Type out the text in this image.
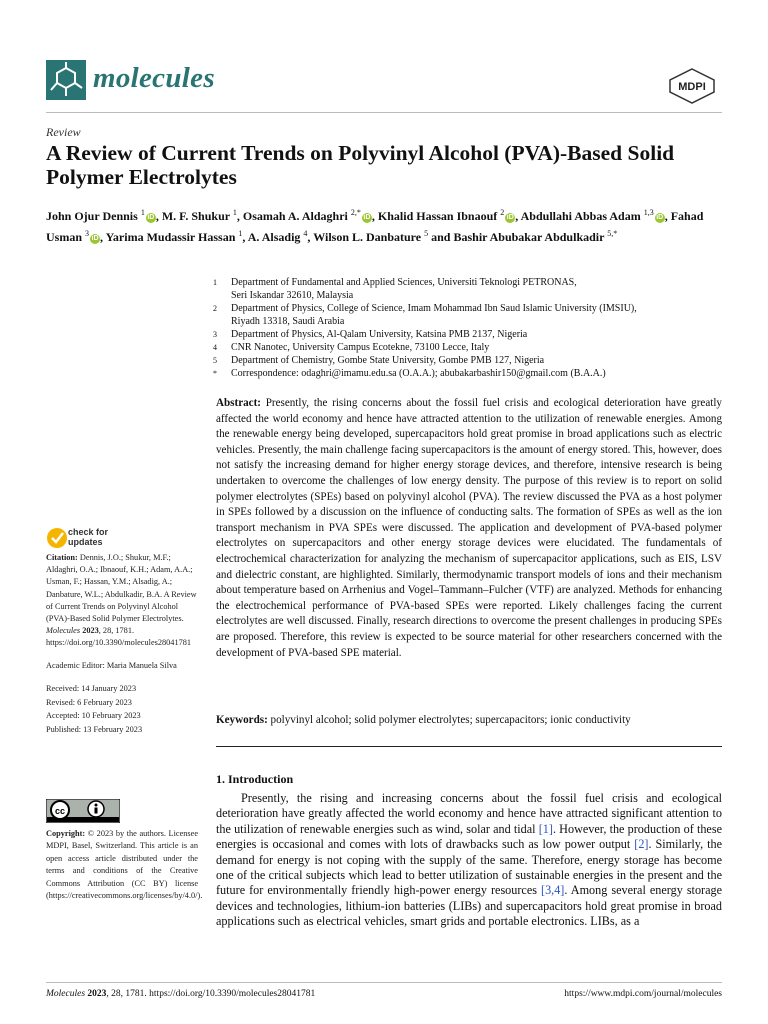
molecules	MDPI
Review
A Review of Current Trends on Polyvinyl Alcohol (PVA)-Based Solid Polymer Electrolytes
John Ojur Dennis $^1$iD , M. F. Shukur $^1$, Osamah A. Aldaghri $^{2,*}$iD , Khalid Hassan Ibnaouf $^2$iD , Abdullahi Abbas Adam $^{1,3}$iD , Fahad Usman $^3$iD , Yarima Mudassir Hassan $^1$, A. Alsadig $^4$, Wilson L. Danbature $^5$ and Bashir Abubakar Abdulkadir $^{5,*}$
1	Department of Fundamental and Applied Sciences, Universiti Teknologi PETRONAS,
Seri Iskandar 32610, Malaysia
2	Department of Physics, College of Science, Imam Mohammad Ibn Saud Islamic University (IMSIU),
Riyadh 13318, Saudi Arabia
3	Department of Physics, Al-Qalam University, Katsina PMB 2137, Nigeria
4	CNR Nanotec, University Campus Ecotekne, 73100 Lecce, Italy
5	Department of Chemistry, Gombe State University, Gombe PMB 127, Nigeria
*	Correspondence: odaghri@imamu.edu.sa (O.A.A.); abubakarbashir150@gmail.com (B.A.A.)
Abstract: Presently, the rising concerns about the fossil fuel crisis and ecological deterioration have greatly affected the world economy and hence have attracted attention to the utilization of renewable energies. Among the renewable energy being developed, supercapacitors hold great promise in broad applications such as electric vehicles. Presently, the main challenge facing supercapacitors is the amount of energy stored. This, however, does not satisfy the increasing demand for higher energy storage devices, and therefore, intensive research is being undertaken to overcome the challenges of low energy density. The purpose of this review is to report on solid polymer electrolytes (SPEs) based on polyvinyl alcohol (PVA). The review discussed the PVA as a host polymer in SPEs followed by a discussion on the influence of conducting salts. The formation of SPEs as well as the ion transport mechanism in PVA SPEs were discussed. The application and development of PVA-based polymer electrolytes on supercapacitors and other energy storage devices were elucidated. The fundamentals of electrochemical characterization for analyzing the mechanism of supercapacitor applications, such as EIS, LSV and dielectric constant, are highlighted. Similarly, thermodynamic transport models of ions and their mechanism about temperature based on Arrhenius and Vogel–Tammann–Fulcher (VTF) are analyzed. Methods for enhancing the electrochemical performance of PVA-based SPEs were reported. Likely challenges facing the current electrolytes are well discussed. Finally, research directions to overcome the present challenges in producing SPEs are proposed. Therefore, this review is expected to be source material for other researchers concerned with the development of PVA-based SPE material.
Keywords: polyvinyl alcohol; solid polymer electrolytes; supercapacitors; ionic conductivity
1. Introduction
Presently, the rising and increasing concerns about the fossil fuel crisis and ecological deterioration have greatly affected the world economy and hence have attracted significant attention to the utilization of renewable energies such as wind, solar and tidal [1]. However, the production of these energies is occasional and comes with lots of drawbacks such as low power output [2]. Similarly, the demand for energy is not coping with the supply of the same. Therefore, energy storage has become one of the critical subjects which lead to better utilization of sustainable energies in the present and the future for environmentally friendly high-power energy resources [3,4]. Among several energy storage devices and technologies, lithium-ion batteries (LIBs) and supercapacitors hold great promise in broad applications such as electrical vehicles, smart grids and portable electronics. LIBs, as a
check for
updates

Citation: Dennis, J.O.; Shukur, M.F.; Aldaghri, O.A.; Ibnaouf, K.H.; Adam, A.A.; Usman, F.; Hassan, Y.M.; Alsadig, A.; Danbature, W.L.; Abdulkadir, B.A. A Review of Current Trends on Polyvinyl Alcohol (PVA)-Based Solid Polymer Electrolytes. Molecules 2023, 28, 1781. https://doi.org/10.3390/molecules28041781

Academic Editor: Maria Manuela Silva

Received: 14 January 2023
Revised: 6 February 2023
Accepted: 10 February 2023
Published: 13 February 2023

cc
Copyright: © 2023 by the authors. Licensee MDPI, Basel, Switzerland. This article is an open access article distributed under the terms and conditions of the Creative Commons Attribution (CC BY) license (https://creativecommons.org/licenses/by/4.0/).
Molecules 2023, 28, 1781. https://doi.org/10.3390/molecules28041781	https://www.mdpi.com/journal/molecules
